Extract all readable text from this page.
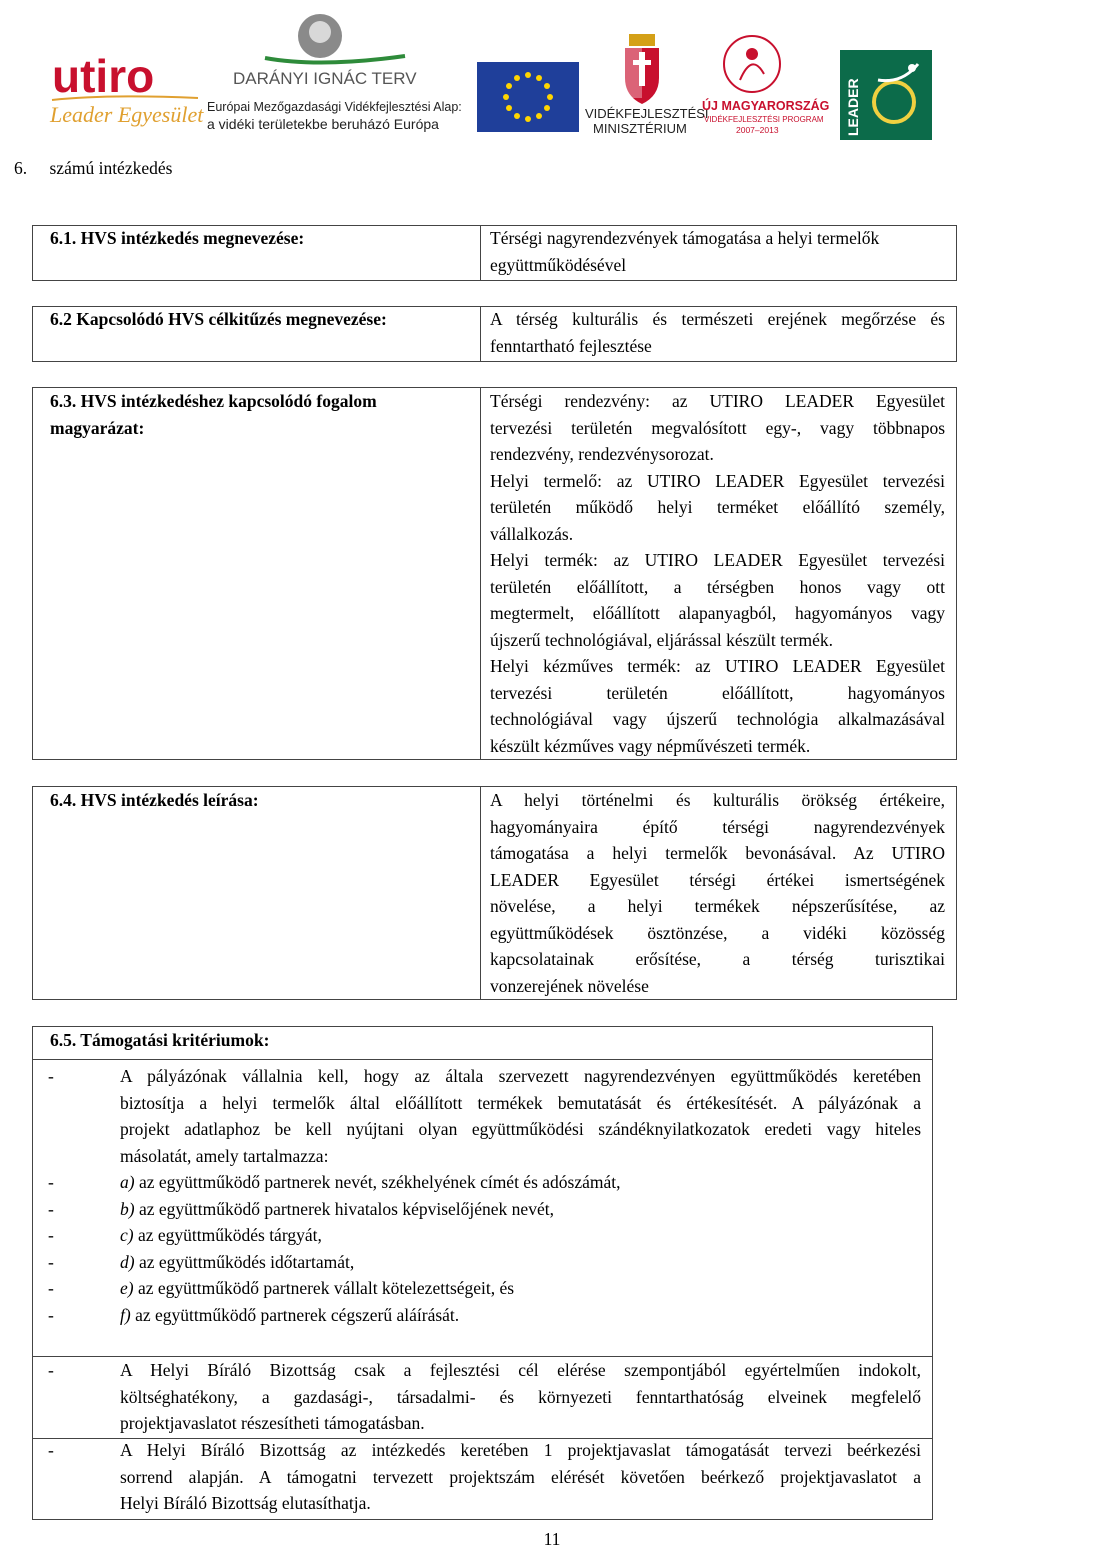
utiro
Leader Egyesület
DARÁNYI IGNÁC TERV
Európai Mezőgazdasági Vidékfejlesztési Alap:
a vidéki területekbe beruházó Európa
VIDÉKFEJLESZTÉSI
MINISZTÉRIUM
ÚJ MAGYARORSZÁG
VIDÉKFEJLESZTÉSI PROGRAM
2007–2013	LEADER
6. számú intézkedés
6.1. HVS intézkedés megnevezése:	Térségi nagyrendezvények támogatása a helyi termelők
együttműködésével
6.2 Kapcsolódó HVS célkitűzés megnevezése:	A térség kulturális és természeti erejének megőrzése és
fenntartható fejlesztése
6.3. HVS intézkedéshez kapcsolódó fogalom
magyarázat:
Térségi rendezvény: az UTIRO LEADER Egyesület
tervezési területén megvalósított egy-, vagy többnapos
rendezvény, rendezvénysorozat.
Helyi termelő: az UTIRO LEADER Egyesület tervezési
területén működő helyi terméket előállító személy,
vállalkozás.
Helyi termék: az UTIRO LEADER Egyesület tervezési
területén előállított, a térségben honos vagy ott
megtermelt, előállított alapanyagból, hagyományos vagy
újszerű technológiával, eljárással készült termék.
Helyi kézműves termék: az UTIRO LEADER Egyesület
tervezési területén előállított, hagyományos
technológiával vagy újszerű technológia alkalmazásával
készült kézműves vagy népművészeti termék.
6.4. HVS intézkedés leírása:	A helyi történelmi és kulturális örökség értékeire,
hagyományaira építő térségi nagyrendezvények
támogatása a helyi termelők bevonásával. Az UTIRO
LEADER Egyesület térségi értékei ismertségének
növelése, a helyi termékek népszerűsítése, az
együttműködések ösztönzése, a vidéki közösség
kapcsolatainak erősítése, a térség turisztikai
vonzerejének növelése
6.5. Támogatási kritériumok:
-	A pályázónak vállalnia kell, hogy az általa szervezett nagyrendezvényen együttműködés keretében
biztosítja a helyi termelők által előállított termékek bemutatását és értékesítését. A pályázónak a
projekt adatlaphoz be kell nyújtani olyan együttműködési szándéknyilatkozatok eredeti vagy hiteles
másolatát, amely tartalmazza:
-	a) az együttműködő partnerek nevét, székhelyének címét és adószámát,
-	b) az együttműködő partnerek hivatalos képviselőjének nevét,
-	c) az együttműködés tárgyát,
-	d) az együttműködés időtartamát,
-	e) az együttműködő partnerek vállalt kötelezettségeit, és
-	f) az együttműködő partnerek cégszerű aláírását.
-	A Helyi Bíráló Bizottság csak a fejlesztési cél elérése szempontjából egyértelműen indokolt,
költséghatékony, a gazdasági-, társadalmi- és környezeti fenntarthatóság elveinek megfelelő
projektjavaslatot részesítheti támogatásban.
-	A Helyi Bíráló Bizottság az intézkedés keretében 1 projektjavaslat támogatását tervezi beérkezési
sorrend alapján. A támogatni tervezett projektszám elérését követően beérkező projektjavaslatot a
Helyi Bíráló Bizottság elutasíthatja.
11
